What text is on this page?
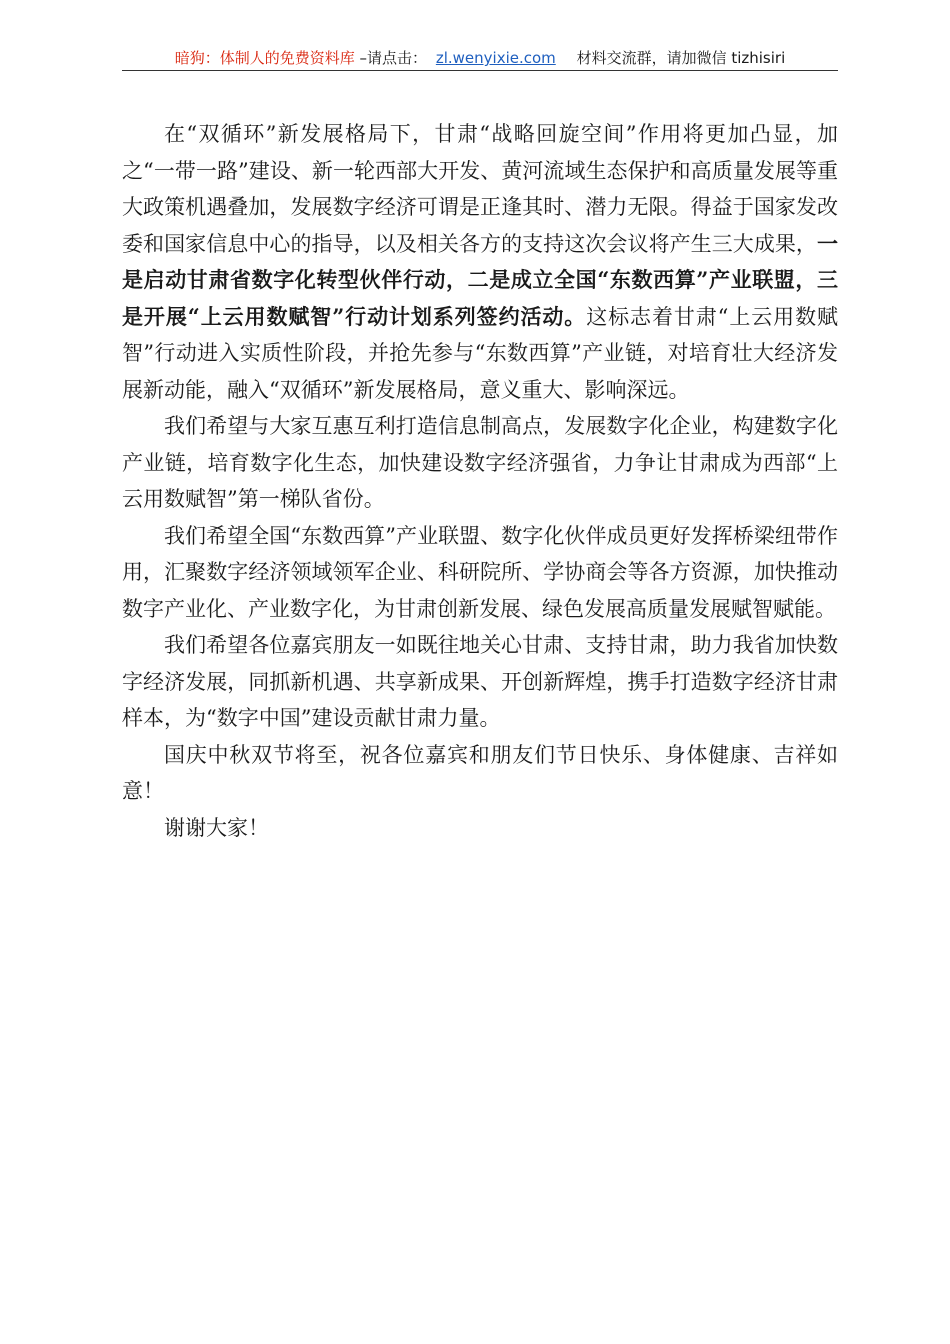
暗狗：体制人的免费资料库 –请点击： zl.wenyixie.com 材料交流群，请加微信 tizhisiri

在“双循环”新发展格局下，甘肃“战略回旋空间”作用将更加凸显，加之“一带一路”建设、新一轮西部大开发、黄河流域生态保护和高质量发展等重大政策机遇叠加，发展数字经济可谓是正逢其时、潜力无限。得益于国家发改委和国家信息中心的指导，以及相关各方的支持这次会议将产生三大成果，一是启动甘肃省数字化转型伙伴行动，二是成立全国“东数西算”产业联盟，三是开展“上云用数赋智”行动计划系列签约活动。这标志着甘肃“上云用数赋智”行动进入实质性阶段，并抢先参与“东数西算”产业链，对培育壮大经济发展新动能，融入“双循环”新发展格局，意义重大、影响深远。

我们希望与大家互惠互利打造信息制高点，发展数字化企业，构建数字化产业链，培育数字化生态，加快建设数字经济强省，力争让甘肃成为西部“上云用数赋智”第一梯队省份。

我们希望全国“东数西算”产业联盟、数字化伙伴成员更好发挥桥梁纽带作用，汇聚数字经济领域领军企业、科研院所、学协商会等各方资源，加快推动数字产业化、产业数字化，为甘肃创新发展、绿色发展高质量发展赋智赋能。

我们希望各位嘉宾朋友一如既往地关心甘肃、支持甘肃，助力我省加快数字经济发展，同抓新机遇、共享新成果、开创新辉煌，携手打造数字经济甘肃样本，为“数字中国”建设贡献甘肃力量。

国庆中秋双节将至，祝各位嘉宾和朋友们节日快乐、身体健康、吉祥如意！

谢谢大家！
